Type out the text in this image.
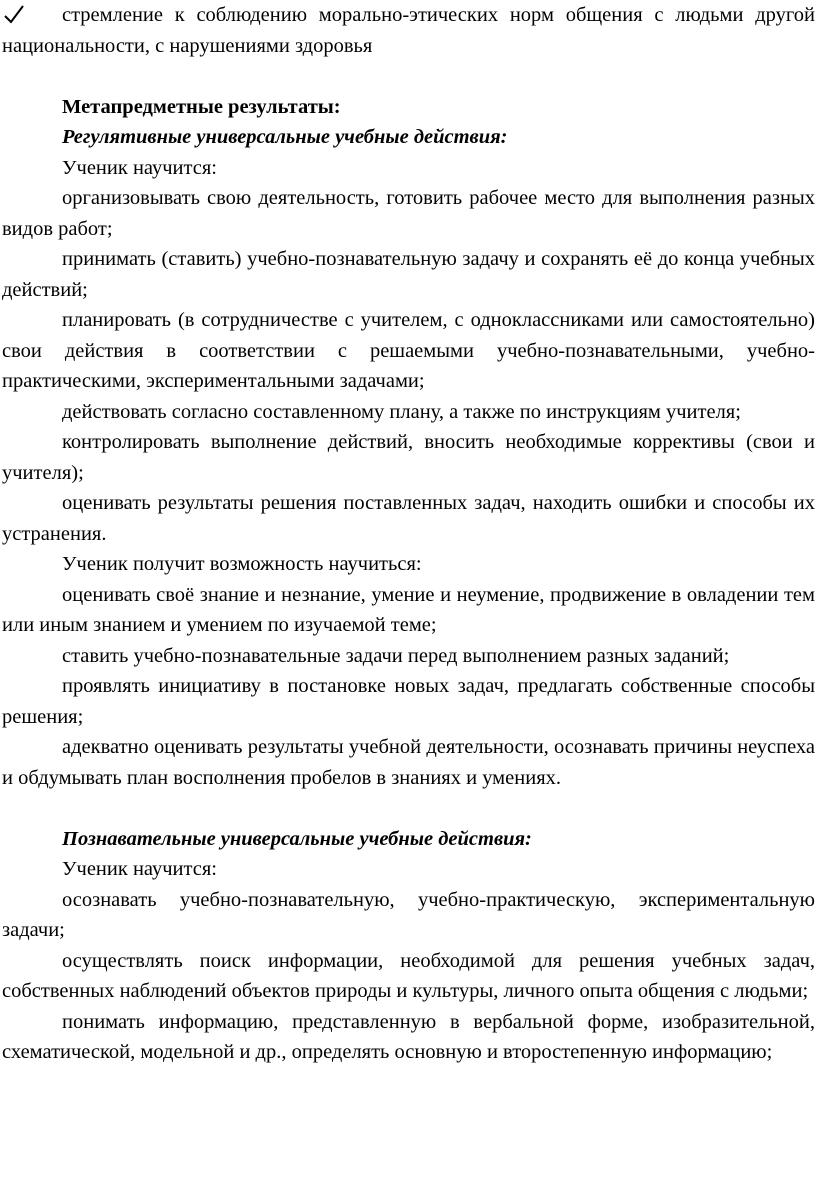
стремление к соблюдению морально-этических норм общения с людьми другой национальности, с нарушениями здоровья

Метапредметные результаты:

Регулятивные универсальные учебные действия:

Ученик научится:

организовывать свою деятельность, готовить рабочее место для выполнения разных видов работ;

принимать (ставить) учебно-познавательную задачу и сохранять её до конца учебных действий;

планировать (в сотрудничестве с учителем, с одноклассниками или самостоятельно) свои действия в соответствии с решаемыми учебно-познавательными, учебно-практическими, экспериментальными задачами;

действовать согласно составленному плану, а также по инструкциям учителя;

контролировать выполнение действий, вносить необходимые коррективы (свои и учителя);

оценивать результаты решения поставленных задач, находить ошибки и способы их устранения.

Ученик получит возможность научиться:

оценивать своё знание и незнание, умение и неумение, продвижение в овладении тем или иным знанием и умением по изучаемой теме;

ставить учебно-познавательные задачи перед выполнением разных заданий;

проявлять инициативу в постановке новых задач, предлагать собственные способы решения;

адекватно оценивать результаты учебной деятельности, осознавать причины неуспеха и обдумывать план восполнения пробелов в знаниях и умениях.

Познавательные универсальные учебные действия:

Ученик научится:

осознавать учебно-познавательную, учебно-практическую, экспериментальную задачи;

осуществлять поиск информации, необходимой для решения учебных задач, собственных наблюдений объектов природы и культуры, личного опыта общения с людьми;

понимать информацию, представленную в вербальной форме, изобразительной, схематической, модельной и др., определять основную и второстепенную информацию;
